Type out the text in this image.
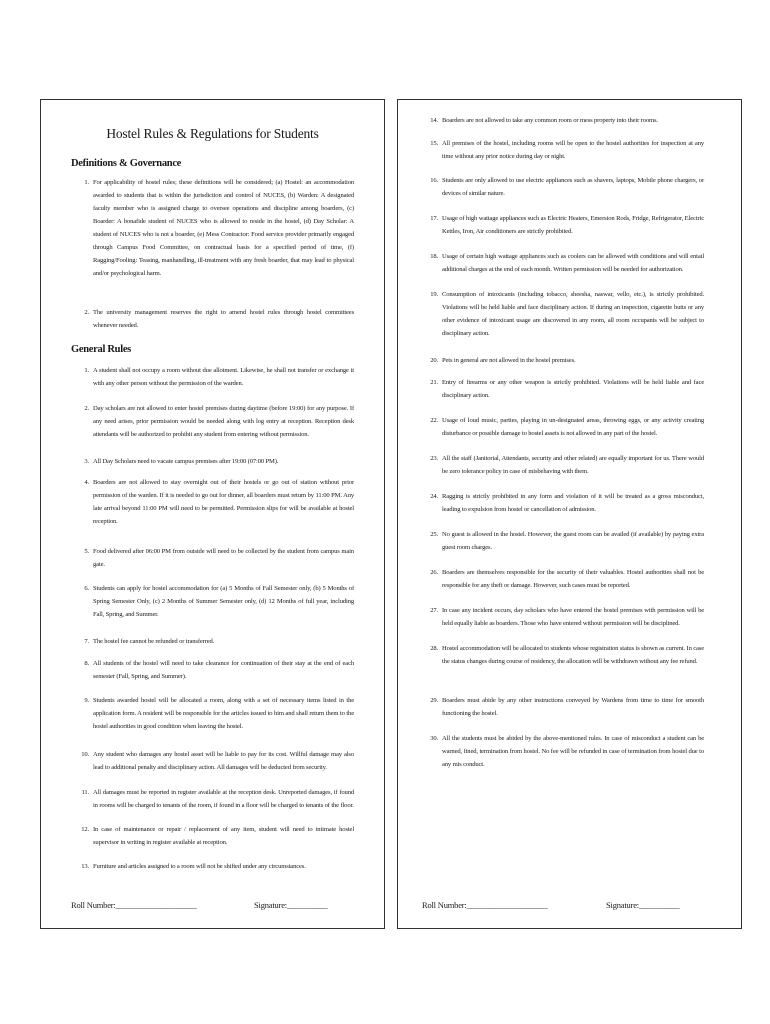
Hostel Rules & Regulations for Students
Definitions & Governance
1. For applicability of hostel rules; these definitions will be considered; (a) Hostel: an accommodation awarded to students that is within the jurisdiction and control of NUCES, (b) Warden: A designated faculty member who is assigned charge to oversee operations and discipline among boarders, (c) Boarder: A bonafide student of NUCES who is allowed to reside in the hostel, (d) Day Scholar: A student of NUCES who is not a boarder, (e) Mess Contractor: Food service provider primarily engaged through Campus Food Committee, on contractual basis for a specified period of time, (f) Ragging/Fooling: Teasing, manhandling, ill-treatment with any fresh boarder, that may lead to physical and/or psychological harm.
2. The university management reserves the right to amend hostel rules through hostel committees whenever needed.
General Rules
1. A student shall not occupy a room without due allotment. Likewise, he shall not transfer or exchange it with any other person without the permission of the warden.
2. Day scholars are not allowed to enter hostel premises during daytime (before 19:00) for any purpose. If any need arises, prior permission would be needed along with log entry at reception. Reception desk attendants will be authorized to prohibit any student from entering without permission.
3. All Day Scholars need to vacate campus premises after 19:00 (07:00 PM).
4. Boarders are not allowed to stay overnight out of their hostels or go out of station without prior permission of the warden. If it is needed to go out for dinner, all boarders must return by 11:00 PM. Any late arrival beyond 11:00 PM will need to be permitted. Permission slips for will be available at hostel reception.
5. Food delivered after 06:00 PM from outside will need to be collected by the student from campus main gate.
6. Students can apply for hostel accommodation for (a) 5 Months of Fall Semester only, (b) 5 Months of Spring Semester Only, (c) 2 Months of Summer Semester only, (d) 12 Months of full year, including Fall, Spring, and Summer.
7. The hostel fee cannot be refunded or transferred.
8. All students of the hostel will need to take clearance for continuation of their stay at the end of each semester (Fall, Spring, and Summer).
9. Students awarded hostel will be allocated a room, along with a set of necessary items listed in the application form. A resident will be responsible for the articles issued to him and shall return them to the hostel authorities in good condition when leaving the hostel.
10. Any student who damages any hostel asset will be liable to pay for its cost. Willful damage may also lead to additional penalty and disciplinary action. All damages will be deducted from security.
11. All damages must be reported in register available at the reception desk. Unreported damages, if found in rooms will be charged to tenants of the room, if found in a floor will be charged to tenants of the floor.
12. In case of maintenance or repair / replacement of any item, student will need to intimate hostel supervisor in writing in register available at reception.
13. Furniture and articles assigned to a room will not be shifted under any circumstances.
Roll Number:____________________	Signature:__________
14. Boarders are not allowed to take any common room or mess property into their rooms.
15. All premises of the hostel, including rooms will be open to the hostel authorities for inspection at any time without any prior notice during day or night.
16. Students are only allowed to use electric appliances such as shavers, laptops, Mobile phone chargers, or devices of similar nature.
17. Usage of high wattage appliances such as Electric Heaters, Emersion Rods, Fridge, Refrigerator, Electric Kettles, Iron, Air conditioners are strictly prohibited.
18. Usage of certain high wattage appliances such as coolers can be allowed with conditions and will entail additional charges at the end of each month. Written permission will be needed for authorization.
19. Consumption of intoxicants (including tobacco, sheesha, naswar, vello, etc.), is strictly prohibited. Violations will be held liable and face disciplinary action. If during an inspection, cigarette butts or any other evidence of intoxicant usage are discovered in any room, all room occupants will be subject to disciplinary action.
20. Pets in general are not allowed in the hostel premises.
21. Entry of firearms or any other weapon is strictly prohibited. Violations will be held liable and face disciplinary action.
22. Usage of loud music, parties, playing in un-designated areas, throwing eggs, or any activity creating disturbance or possible damage to hostel assets is not allowed in any part of the hostel.
23. All the staff (Janitorial, Attendants, security and other related) are equally important for us. There would be zero tolerance policy in case of misbehaving with them.
24. Ragging is strictly prohibited in any form and violation of it will be treated as a gross misconduct, leading to expulsion from hostel or cancellation of admission.
25. No guest is allowed in the hostel. However, the guest room can be availed (if available) by paying extra guest room charges.
26. Boarders are themselves responsible for the security of their valuables. Hostel authorities shall not be responsible for any theft or damage. However, such cases must be reported.
27. In case any incident occurs, day scholars who have entered the hostel premises with permission will be held equally liable as boarders. Those who have entered without permission will be disciplined.
28. Hostel accommodation will be allocated to students whose registration status is shown as current. In case the status changes during course of residency, the allocation will be withdrawn without any fee refund.
29. Boarders must abide by any other instructions conveyed by Wardens from time to time for smooth functioning the hostel.
30. All the students must be abided by the above-mentioned rules. In case of misconduct a student can be warned, fined, termination from hostel. No fee will be refunded in case of termination from hostel due to any mis conduct.
Roll Number:____________________	Signature:__________
